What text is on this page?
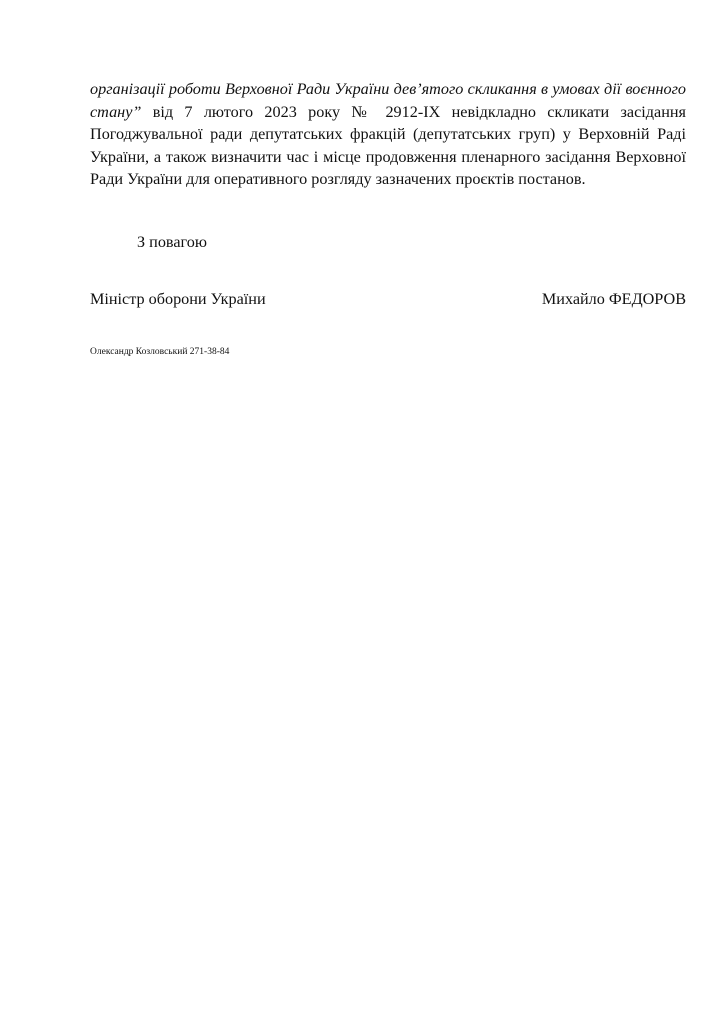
організації роботи Верховної Ради України дев’ятого скликання в умовах дії воєнного стану” від 7 лютого 2023 року № 2912-IX невідкладно скликати засідання Погоджувальної ради депутатських фракцій (депутатських груп) у Верховній Раді України, а також визначити час і місце продовження пленарного засідання Верховної Ради України для оперативного розгляду зазначених проєктів постанов.

З повагою

Міністр оборони України	Михайло ФЕДОРОВ

Олександр Козловський 271-38-84
